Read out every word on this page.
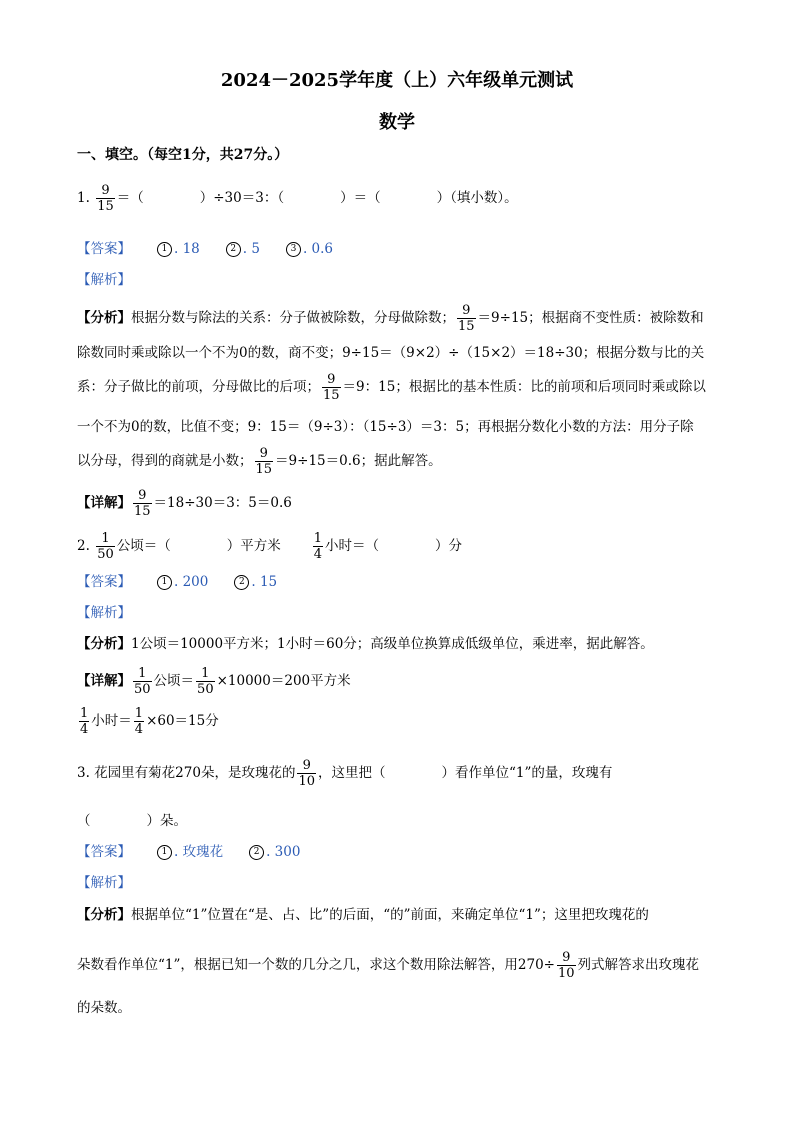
2024－2025学年度（上）六年级单元测试
数学
一、填空。（每空1分，共27分。）
1. $\frac{9}{15}$ ＝（	）÷30＝3：（	）＝（	）（填小数）。
【答案】	1 . 18	2 . 5	3 . 0.6
【解析】
【分析】根据分数与除法的关系：分子做被除数，分母做除数； $\frac{9}{15} =9\div 15$；根据商不变性质：被除数和
除数同时乘或除以一个不为0的数，商不变；9÷15＝（9×2）÷（15×2）＝18÷30；根据分数与比的关
系：分子做比的前项，分母做比的后项； $\frac{9}{15} =9$：15；根据比的基本性质：比的前项和后项同时乘或除以
一个不为0的数，比值不变；9：15＝（9÷3）：（15÷3）＝3：5；再根据分数化小数的方法：用分子除
以分母，得到的商就是小数； $\frac{9}{15} =9\div 15=0.6$；据此解答。
【详解】 $\frac{9}{15} =18\div 30=3$：5＝0.6
2. $\frac{1}{50}$ 公顷＝（	）平方米 $\frac{1}{4}$ 小时＝（	）分
【答案】	1 . 200	2 . 15
【解析】
【分析】1公顷＝10000平方米；1小时＝60分；高级单位换算成低级单位，乘进率，据此解答。
【详解】 $\frac{1}{50}$ 公顷＝ $\frac{1}{50} \times 10000=200$平方米
$\frac{1}{4}$ 小时＝ $\frac{1}{4} \times 60=15$分
3. 花园里有菊花270朵，是玫瑰花的 $\frac{9}{10}$ ，这里把（	）看作单位“1”的量，玫瑰有
（	）朵。
【答案】	1 . 玫瑰花	2 . 300
【解析】
【分析】根据单位“1”位置在“是、占、比”的后面，“的”前面，来确定单位“1”；这里把玫瑰花的
朵数看作单位“1”，根据已知一个数的几分之几，求这个数用除法解答，用$270\div \frac{9}{10}$ 列式解答求出玫瑰花
的朵数。
